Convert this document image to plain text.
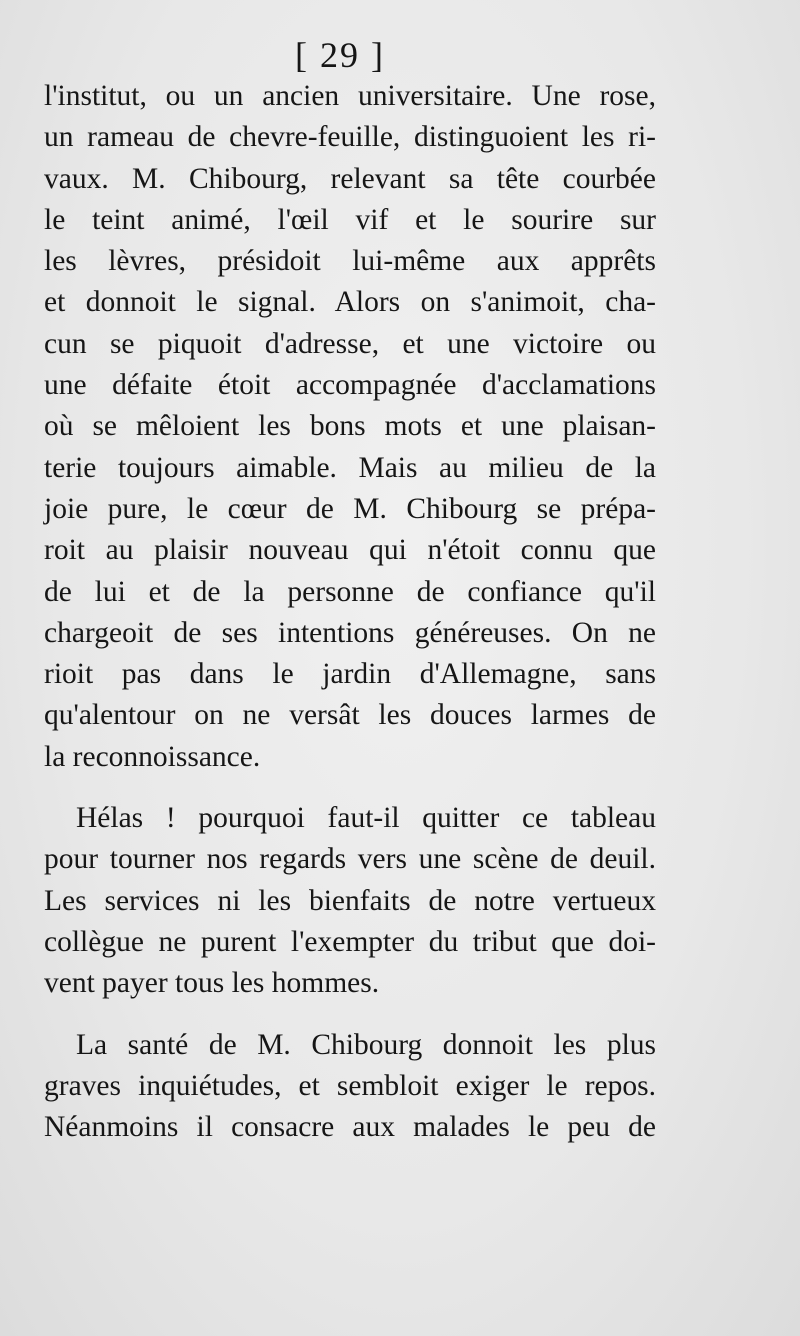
[ 29 ]
l'institut, ou un ancien universitaire. Une rose,
un rameau de chevre-feuille, distinguoient les ri-
vaux. M. Chibourg, relevant sa tête courbée
le teint animé, l'œil vif et le sourire sur
les lèvres, présidoit lui-même aux apprêts
et donnoit le signal. Alors on s'animoit, cha-
cun se piquoit d'adresse, et une victoire ou
une défaite étoit accompagnée d'acclamations
où se mêloient les bons mots et une plaisan-
terie toujours aimable. Mais au milieu de la
joie pure, le cœur de M. Chibourg se prépa-
roit au plaisir nouveau qui n'étoit connu que
de lui et de la personne de confiance qu'il
chargeoit de ses intentions généreuses. On ne
rioit pas dans le jardin d'Allemagne, sans
qu'alentour on ne versât les douces larmes de
la reconnoissance.
Hélas ! pourquoi faut-il quitter ce tableau
pour tourner nos regards vers une scène de deuil.
Les services ni les bienfaits de notre vertueux
collègue ne purent l'exempter du tribut que doi-
vent payer tous les hommes.
La santé de M. Chibourg donnoit les plus
graves inquiétudes, et sembloit exiger le repos.
Néanmoins il consacre aux malades le peu de
